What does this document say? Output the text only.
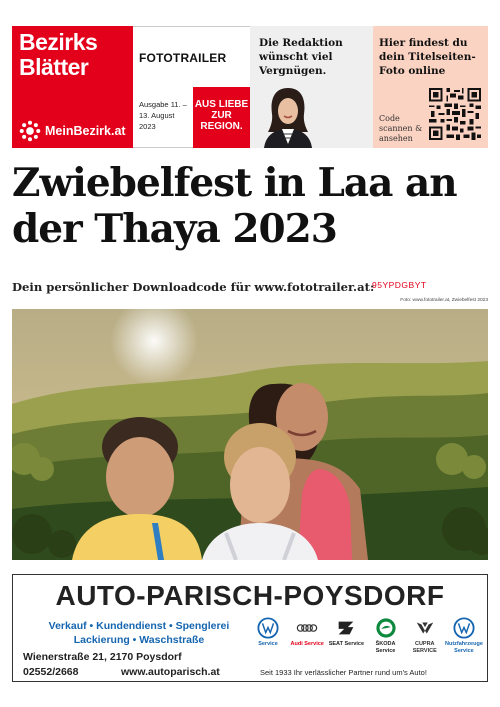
Bezirks Blätter
MeinBezirk.at
FOTOTRAILER
Ausgabe 11. – 13. August 2023
AUS LIEBE ZUR REGION.
Die Redaktion wünscht viel Vergnügen.
Hier findest du dein Titelseiten-Foto online
Code scannen & ansehen
Zwiebelfest in Laa an der Thaya 2023
Dein persönlicher Downloadcode für www.fototrailer.at:
95YPDGBYT
Foto: www.fototrailer.at, Zwiebelfest 2023
AUTO-PARISCH-POYSDORF
Verkauf • Kundendienst • Spenglerei
Lackierung • Waschstraße
Wienerstraße 21, 2170 Poysdorf
02552/2668	www.autoparisch.at	Seit 1933 Ihr verlässlicher Partner rund um's Auto!
Service Audi Service SEAT Service	ŠKODA Service
CUPRA SERVICE
Nutzfahrzeuge Service
